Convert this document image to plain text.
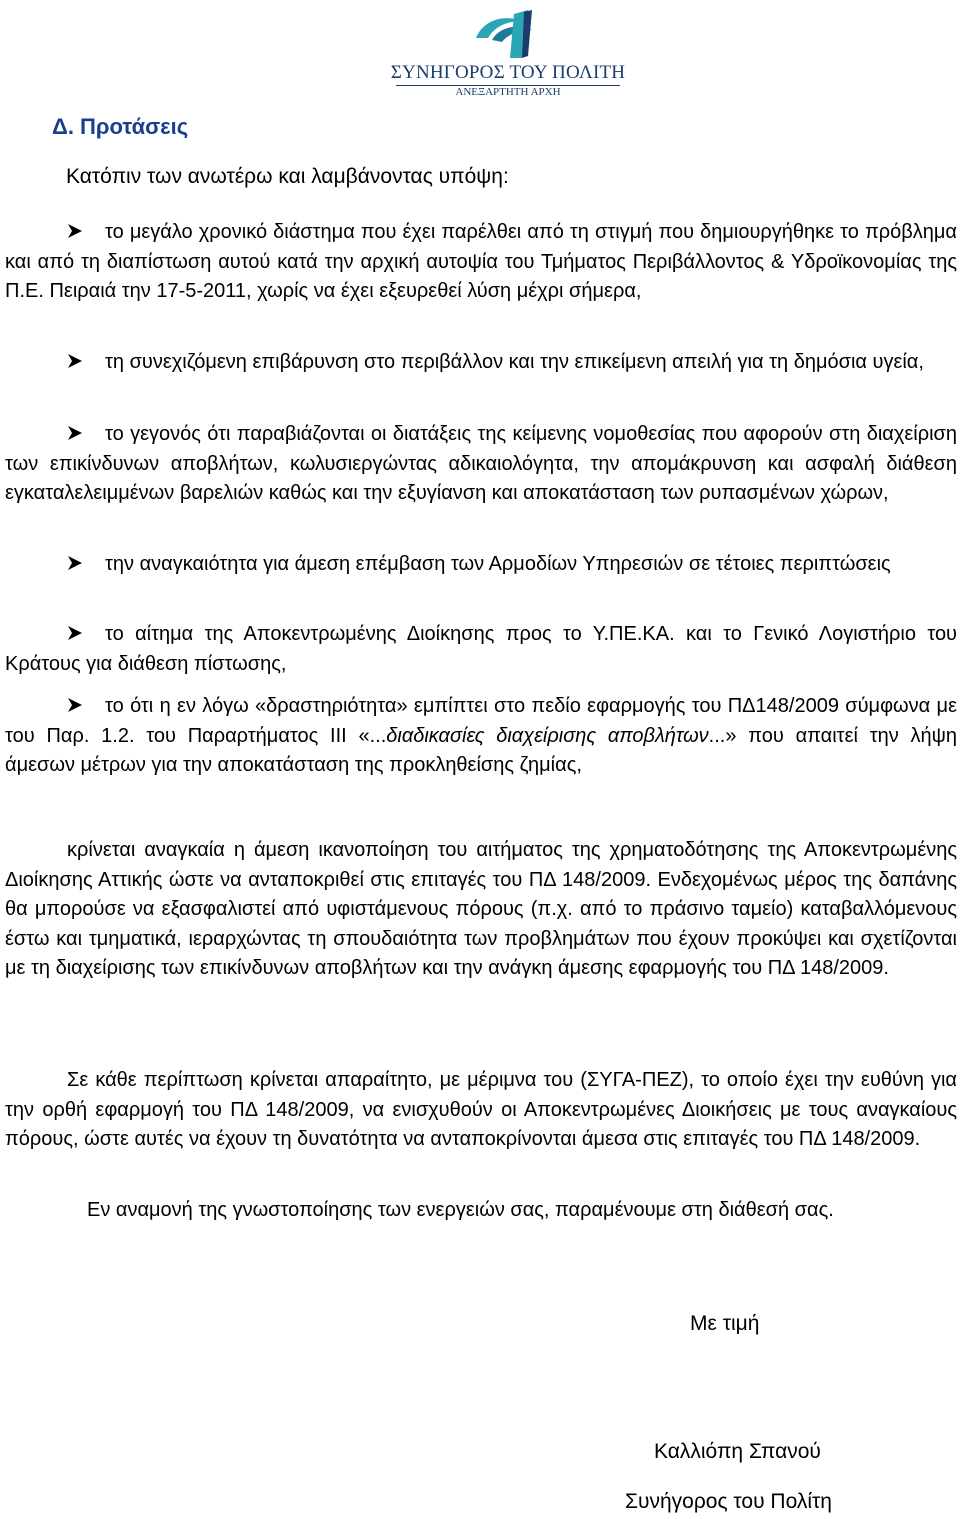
ΣΥΝΗΓΟΡΟΣ ΤΟΥ ΠΟΛΙΤΗ
ΑΝΕΞΑΡΤΗΤΗ ΑΡΧΗ
Δ. Προτάσεις
Κατόπιν των ανωτέρω και λαμβάνοντας υπόψη:
το μεγάλο χρονικό διάστημα που έχει παρέλθει από τη στιγμή που δημιουργήθηκε το πρόβλημα και από τη διαπίστωση αυτού κατά την αρχική αυτοψία του Τμήματος Περιβάλλοντος & Υδροϊκονομίας της Π.Ε. Πειραιά την 17-5-2011, χωρίς να έχει εξευρεθεί λύση μέχρι σήμερα,
τη συνεχιζόμενη επιβάρυνση στο περιβάλλον και την επικείμενη απειλή για τη δημόσια υγεία,
το γεγονός ότι παραβιάζονται οι διατάξεις της κείμενης νομοθεσίας που αφορούν στη διαχείριση των επικίνδυνων αποβλήτων, κωλυσιεργώντας αδικαιολόγητα, την απομάκρυνση και ασφαλή διάθεση εγκαταλελειμμένων βαρελιών καθώς και την εξυγίανση και αποκατάσταση των ρυπασμένων χώρων,
την αναγκαιότητα για άμεση επέμβαση των Αρμοδίων Υπηρεσιών σε τέτοιες περιπτώσεις
το αίτημα της Αποκεντρωμένης Διοίκησης προς το Υ.ΠΕ.ΚΑ. και το Γενικό Λογιστήριο του Κράτους για διάθεση πίστωσης,
το ότι η εν λόγω «δραστηριότητα» εμπίπτει στο πεδίο εφαρμογής του ΠΔ148/2009 σύμφωνα με του Παρ. 1.2. του Παραρτήματος ΙΙΙ «...διαδικασίες διαχείρισης αποβλήτων...» που απαιτεί την λήψη άμεσων μέτρων για την αποκατάσταση της προκληθείσης ζημίας,
κρίνεται αναγκαία η άμεση ικανοποίηση του αιτήματος της χρηματοδότησης της Αποκεντρωμένης Διοίκησης Αττικής ώστε να ανταποκριθεί στις επιταγές του ΠΔ 148/2009. Ενδεχομένως μέρος της δαπάνης θα μπορούσε να εξασφαλιστεί από υφιστάμενους πόρους (π.χ. από το πράσινο ταμείο) καταβαλλόμενους έστω και τμηματικά, ιεραρχώντας τη σπουδαιότητα των προβλημάτων που έχουν προκύψει και σχετίζονται με τη διαχείρισης των επικίνδυνων αποβλήτων και την ανάγκη άμεσης εφαρμογής του ΠΔ 148/2009.
Σε κάθε περίπτωση κρίνεται απαραίτητο, με μέριμνα του (ΣΥΓΑ-ΠΕΖ), το οποίο έχει την ευθύνη για την ορθή εφαρμογή του ΠΔ 148/2009, να ενισχυθούν οι Αποκεντρωμένες Διοικήσεις με τους αναγκαίους πόρους, ώστε αυτές να έχουν τη δυνατότητα να ανταποκρίνονται άμεσα στις επιταγές του ΠΔ 148/2009.
Εν αναμονή της γνωστοποίησης των ενεργειών σας, παραμένουμε στη διάθεσή σας.
Με τιμή
Καλλιόπη Σπανού
Συνήγορος του Πολίτη
